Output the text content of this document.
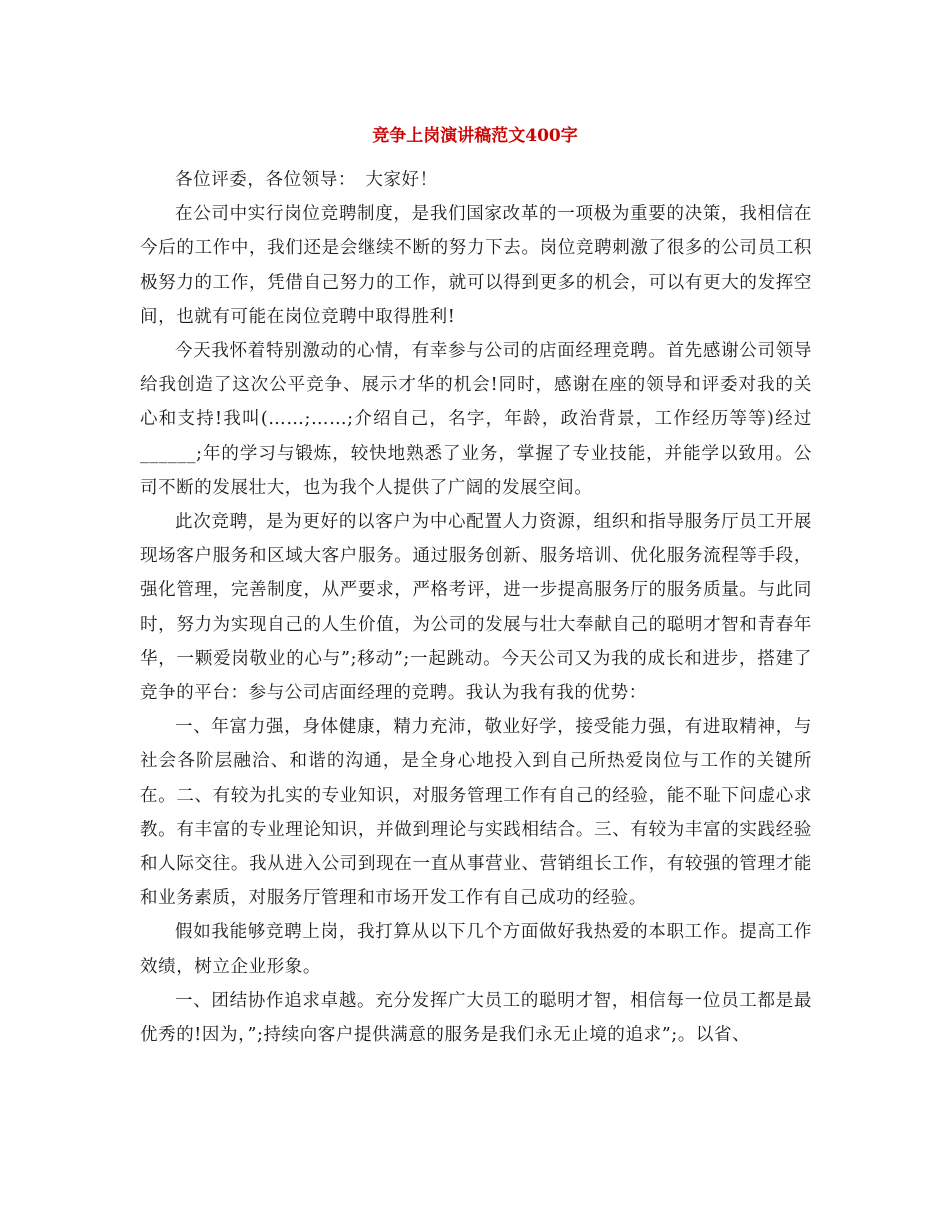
竞争上岗演讲稿范文400字

各位评委，各位领导：　大家好！

在公司中实行岗位竞聘制度，是我们国家改革的一项极为重要的决策，我相信在今后的工作中，我们还是会继续不断的努力下去。岗位竞聘刺激了很多的公司员工积极努力的工作，凭借自己努力的工作，就可以得到更多的机会，可以有更大的发挥空间，也就有可能在岗位竞聘中取得胜利!

今天我怀着特别激动的心情，有幸参与公司的店面经理竞聘。首先感谢公司领导给我创造了这次公平竞争、展示才华的机会!同时，感谢在座的领导和评委对我的关心和支持!我叫(……;……;介绍自己，名字，年龄，政治背景，工作经历等等)经过______;年的学习与锻炼，较快地熟悉了业务，掌握了专业技能，并能学以致用。公司不断的发展壮大，也为我个人提供了广阔的发展空间。

此次竞聘，是为更好的以客户为中心配置人力资源，组织和指导服务厅员工开展现场客户服务和区域大客户服务。通过服务创新、服务培训、优化服务流程等手段，强化管理，完善制度，从严要求，严格考评，进一步提高服务厅的服务质量。与此同时，努力为实现自己的人生价值，为公司的发展与壮大奉献自己的聪明才智和青春年华，一颗爱岗敬业的心与”;移动”;一起跳动。今天公司又为我的成长和进步，搭建了竞争的平台：参与公司店面经理的竞聘。我认为我有我的优势：

一、年富力强，身体健康，精力充沛，敬业好学，接受能力强，有进取精神，与社会各阶层融洽、和谐的沟通，是全身心地投入到自己所热爱岗位与工作的关键所在。二、有较为扎实的专业知识，对服务管理工作有自己的经验，能不耻下问虚心求教。有丰富的专业理论知识，并做到理论与实践相结合。三、有较为丰富的实践经验和人际交往。我从进入公司到现在一直从事营业、营销组长工作，有较强的管理才能和业务素质，对服务厅管理和市场开发工作有自己成功的经验。

假如我能够竞聘上岗，我打算从以下几个方面做好我热爱的本职工作。提高工作效绩，树立企业形象。

一、团结协作追求卓越。充分发挥广大员工的聪明才智，相信每一位员工都是最优秀的!因为，”;持续向客户提供满意的服务是我们永无止境的追求”;。以省、
